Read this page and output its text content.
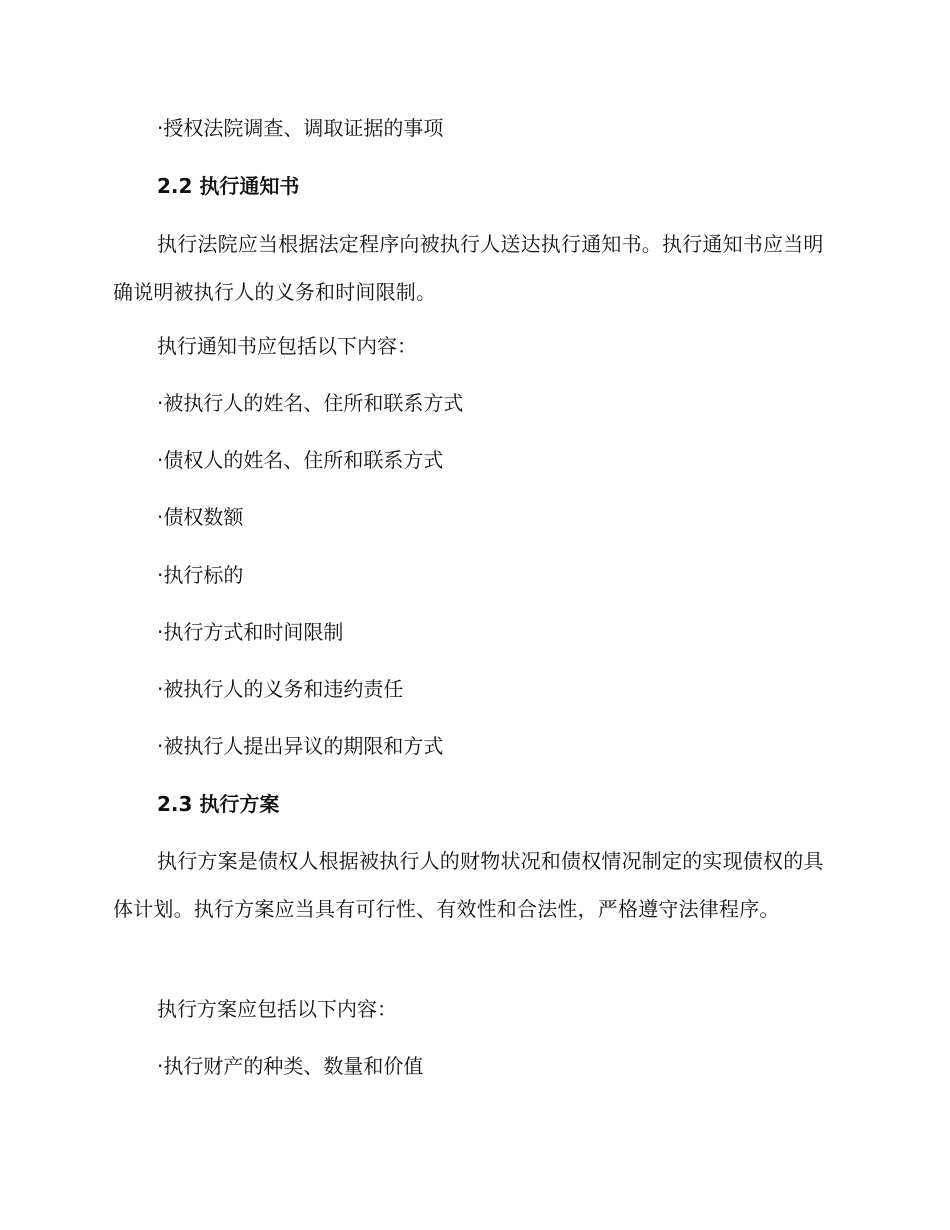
·授权法院调查、调取证据的事项
2.2 执行通知书
执行法院应当根据法定程序向被执行人送达执行通知书。执行通知书应当明确说明被执行人的义务和时间限制。
执行通知书应包括以下内容：
·被执行人的姓名、住所和联系方式
·债权人的姓名、住所和联系方式
·债权数额
·执行标的
·执行方式和时间限制
·被执行人的义务和违约责任
·被执行人提出异议的期限和方式
2.3 执行方案
执行方案是债权人根据被执行人的财物状况和债权情况制定的实现债权的具体计划。执行方案应当具有可行性、有效性和合法性，严格遵守法律程序。
执行方案应包括以下内容：
·执行财产的种类、数量和价值
